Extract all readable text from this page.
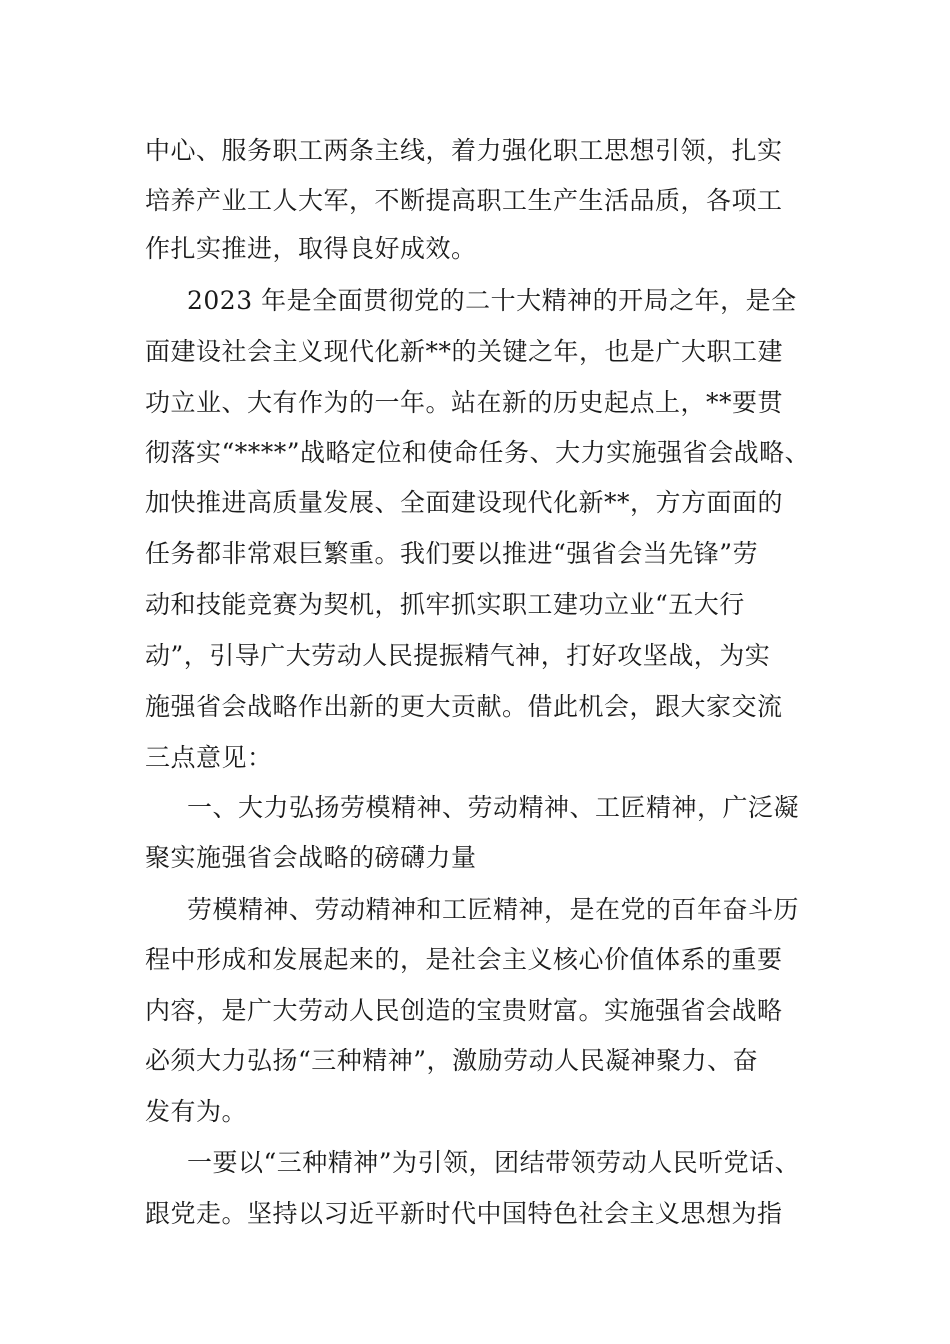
中心、服务职工两条主线，着力强化职工思想引领，扎实
培养产业工人大军，不断提高职工生产生活品质，各项工
作扎实推进，取得良好成效。
2023 年是全面贯彻党的二十大精神的开局之年，是全
面建设社会主义现代化新**的关键之年，也是广大职工建
功立业、大有作为的一年。站在新的历史起点上，**要贯
彻落实“****”战略定位和使命任务、大力实施强省会战略、
加快推进高质量发展、全面建设现代化新**，方方面面的
任务都非常艰巨繁重。我们要以推进“强省会当先锋”劳
动和技能竞赛为契机，抓牢抓实职工建功立业“五大行
动”，引导广大劳动人民提振精气神，打好攻坚战，为实
施强省会战略作出新的更大贡献。借此机会，跟大家交流
三点意见：
一、大力弘扬劳模精神、劳动精神、工匠精神，广泛凝
聚实施强省会战略的磅礴力量
劳模精神、劳动精神和工匠精神，是在党的百年奋斗历
程中形成和发展起来的，是社会主义核心价值体系的重要
内容，是广大劳动人民创造的宝贵财富。实施强省会战略
必须大力弘扬“三种精神”，激励劳动人民凝神聚力、奋
发有为。
一要以“三种精神”为引领，团结带领劳动人民听党话、
跟党走。坚持以习近平新时代中国特色社会主义思想为指
